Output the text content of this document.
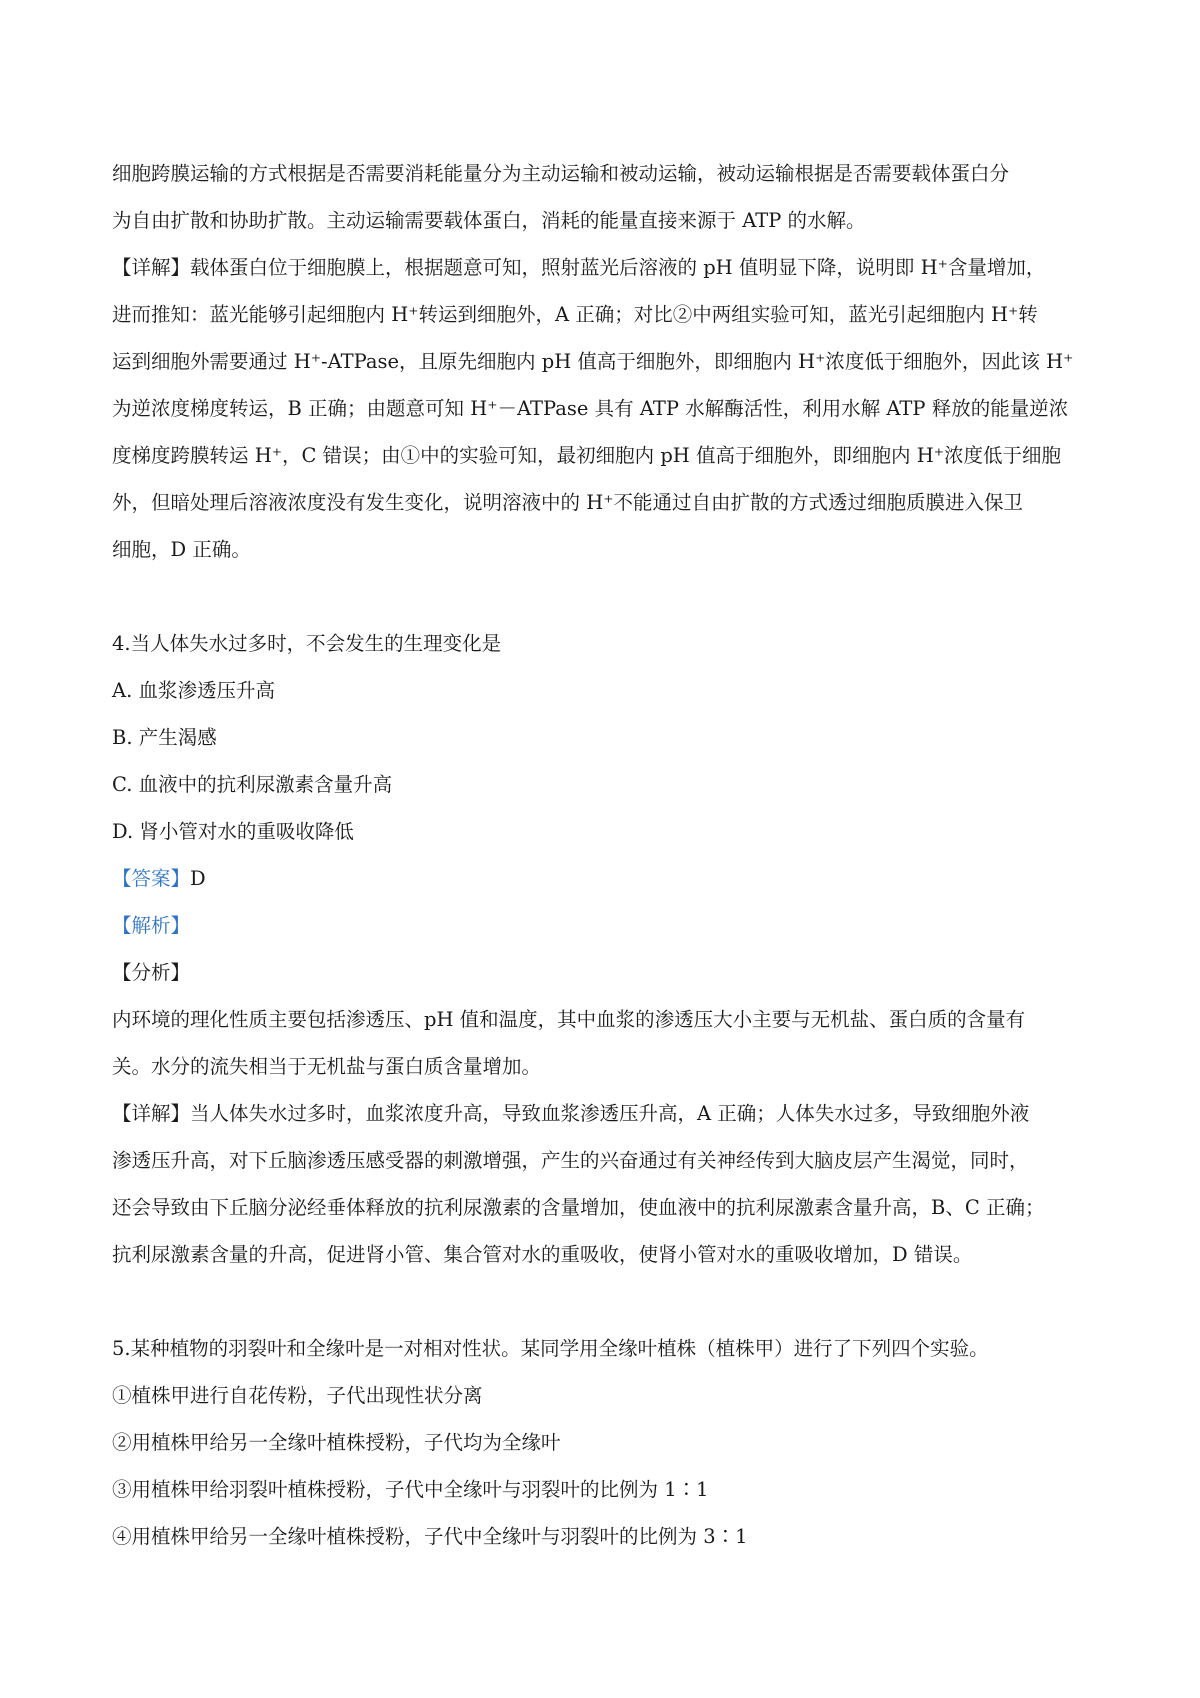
细胞跨膜运输的方式根据是否需要消耗能量分为主动运输和被动运输，被动运输根据是否需要载体蛋白分

为自由扩散和协助扩散。主动运输需要载体蛋白，消耗的能量直接来源于 ATP 的水解。

【详解】载体蛋白位于细胞膜上，根据题意可知，照射蓝光后溶液的 pH 值明显下降，说明即 H⁺含量增加，

进而推知：蓝光能够引起细胞内 H⁺转运到细胞外，A 正确；对比②中两组实验可知，蓝光引起细胞内 H⁺转

运到细胞外需要通过 H⁺-ATPase，且原先细胞内 pH 值高于细胞外，即细胞内 H⁺浓度低于细胞外，因此该 H⁺

为逆浓度梯度转运，B 正确；由题意可知 H⁺－ATPase 具有 ATP 水解酶活性，利用水解 ATP 释放的能量逆浓

度梯度跨膜转运 H⁺，C 错误；由①中的实验可知，最初细胞内 pH 值高于细胞外，即细胞内 H⁺浓度低于细胞

外，但暗处理后溶液浓度没有发生变化，说明溶液中的 H⁺不能通过自由扩散的方式透过细胞质膜进入保卫

细胞，D 正确。

4.当人体失水过多时，不会发生的生理变化是

A. 血浆渗透压升高

B. 产生渴感

C. 血液中的抗利尿激素含量升高

D. 肾小管对水的重吸收降低

【答案】D

【解析】

【分析】

内环境的理化性质主要包括渗透压、pH 值和温度，其中血浆的渗透压大小主要与无机盐、蛋白质的含量有

关。水分的流失相当于无机盐与蛋白质含量增加。

【详解】当人体失水过多时，血浆浓度升高，导致血浆渗透压升高，A 正确；人体失水过多，导致细胞外液

渗透压升高，对下丘脑渗透压感受器的刺激增强，产生的兴奋通过有关神经传到大脑皮层产生渴觉，同时，

还会导致由下丘脑分泌经垂体释放的抗利尿激素的含量增加，使血液中的抗利尿激素含量升高，B、C 正确；

抗利尿激素含量的升高，促进肾小管、集合管对水的重吸收，使肾小管对水的重吸收增加，D 错误。

5.某种植物的羽裂叶和全缘叶是一对相对性状。某同学用全缘叶植株（植株甲）进行了下列四个实验。

①植株甲进行自花传粉，子代出现性状分离

②用植株甲给另一全缘叶植株授粉，子代均为全缘叶

③用植株甲给羽裂叶植株授粉，子代中全缘叶与羽裂叶的比例为 1∶1

④用植株甲给另一全缘叶植株授粉，子代中全缘叶与羽裂叶的比例为 3∶1
